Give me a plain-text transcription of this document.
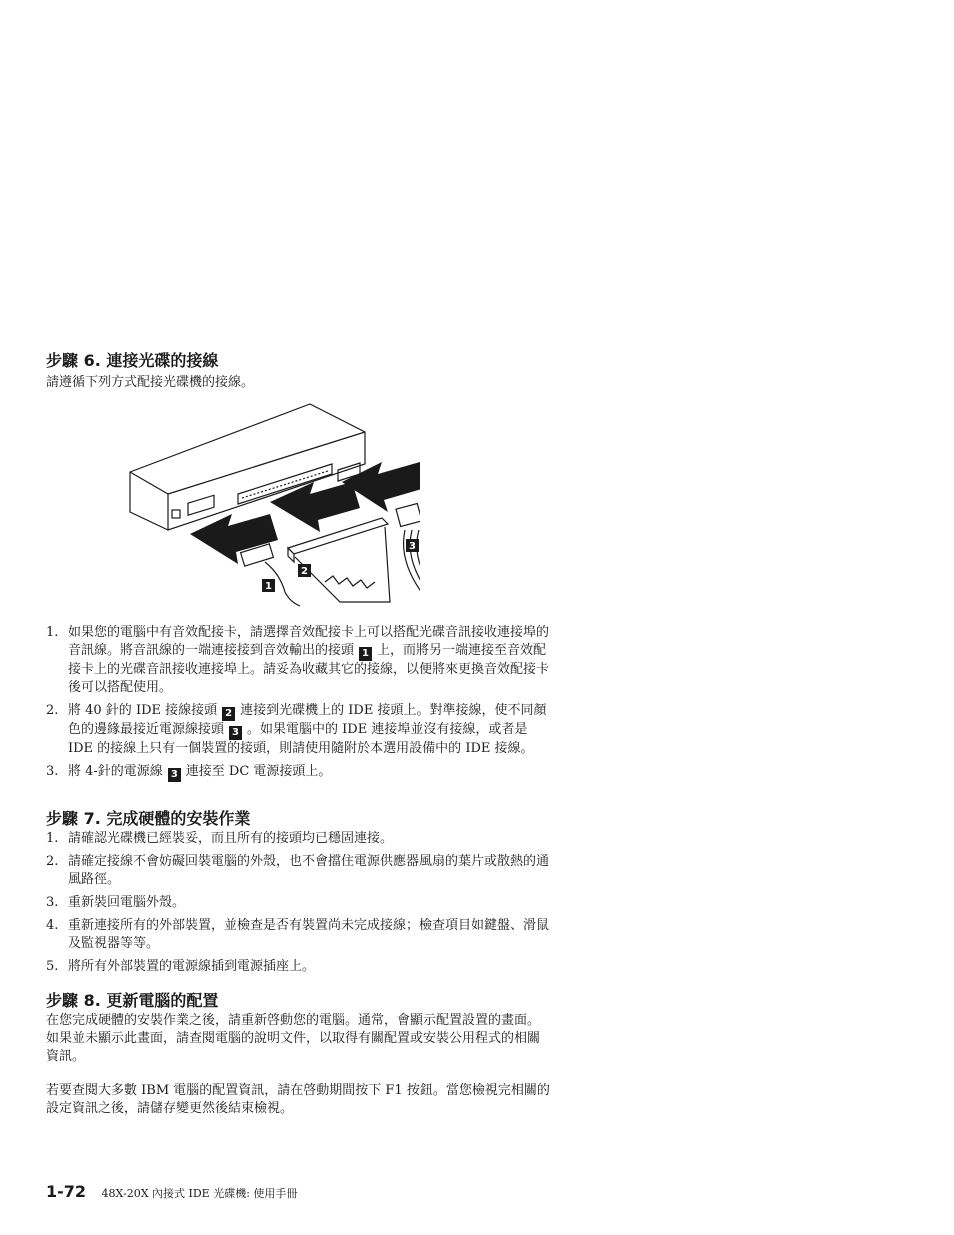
步驟 6. 連接光碟的接線

請遵循下列方式配接光碟機的接線。

1
2
3
1. 如果您的電腦中有音效配接卡，請選擇音效配接卡上可以搭配光碟音訊接收連接埠的音訊線。將音訊線的一端連接接到音效輸出的接頭 1 上，而將另一端連接至音效配接卡上的光碟音訊接收連接埠上。請妥為收藏其它的接線，以便將來更換音效配接卡後可以搭配使用。
2. 將 40 針的 IDE 接線接頭 2 連接到光碟機上的 IDE 接頭上。對準接線，使不同顏色的邊緣最接近電源線接頭 3 。如果電腦中的 IDE 連接埠並沒有接線，或者是 IDE 的接線上只有一個裝置的接頭，則請使用隨附於本選用設備中的 IDE 接線。
3. 將 4-針的電源線 3 連接至 DC 電源接頭上。
步驟 7. 完成硬體的安裝作業
1. 請確認光碟機已經裝妥，而且所有的接頭均已穩固連接。
2. 請確定接線不會妨礙回裝電腦的外殼，也不會擋住電源供應器風扇的葉片或散熱的通風路徑。
3. 重新裝回電腦外殼。
4. 重新連接所有的外部裝置，並檢查是否有裝置尚未完成接線；檢查項目如鍵盤、滑鼠及監視器等等。
5. 將所有外部裝置的電源線插到電源插座上。
步驟 8. 更新電腦的配置

在您完成硬體的安裝作業之後，請重新啓動您的電腦。通常，會顯示配置設置的畫面。如果並未顯示此畫面，請查閱電腦的說明文件，以取得有關配置或安裝公用程式的相關資訊。

若要查閱大多數 IBM 電腦的配置資訊，請在啓動期間按下 F1 按鈕。當您檢視完相關的設定資訊之後，請儲存變更然後結束檢視。

1-72 48X-20X 內接式 IDE 光碟機: 使用手冊
